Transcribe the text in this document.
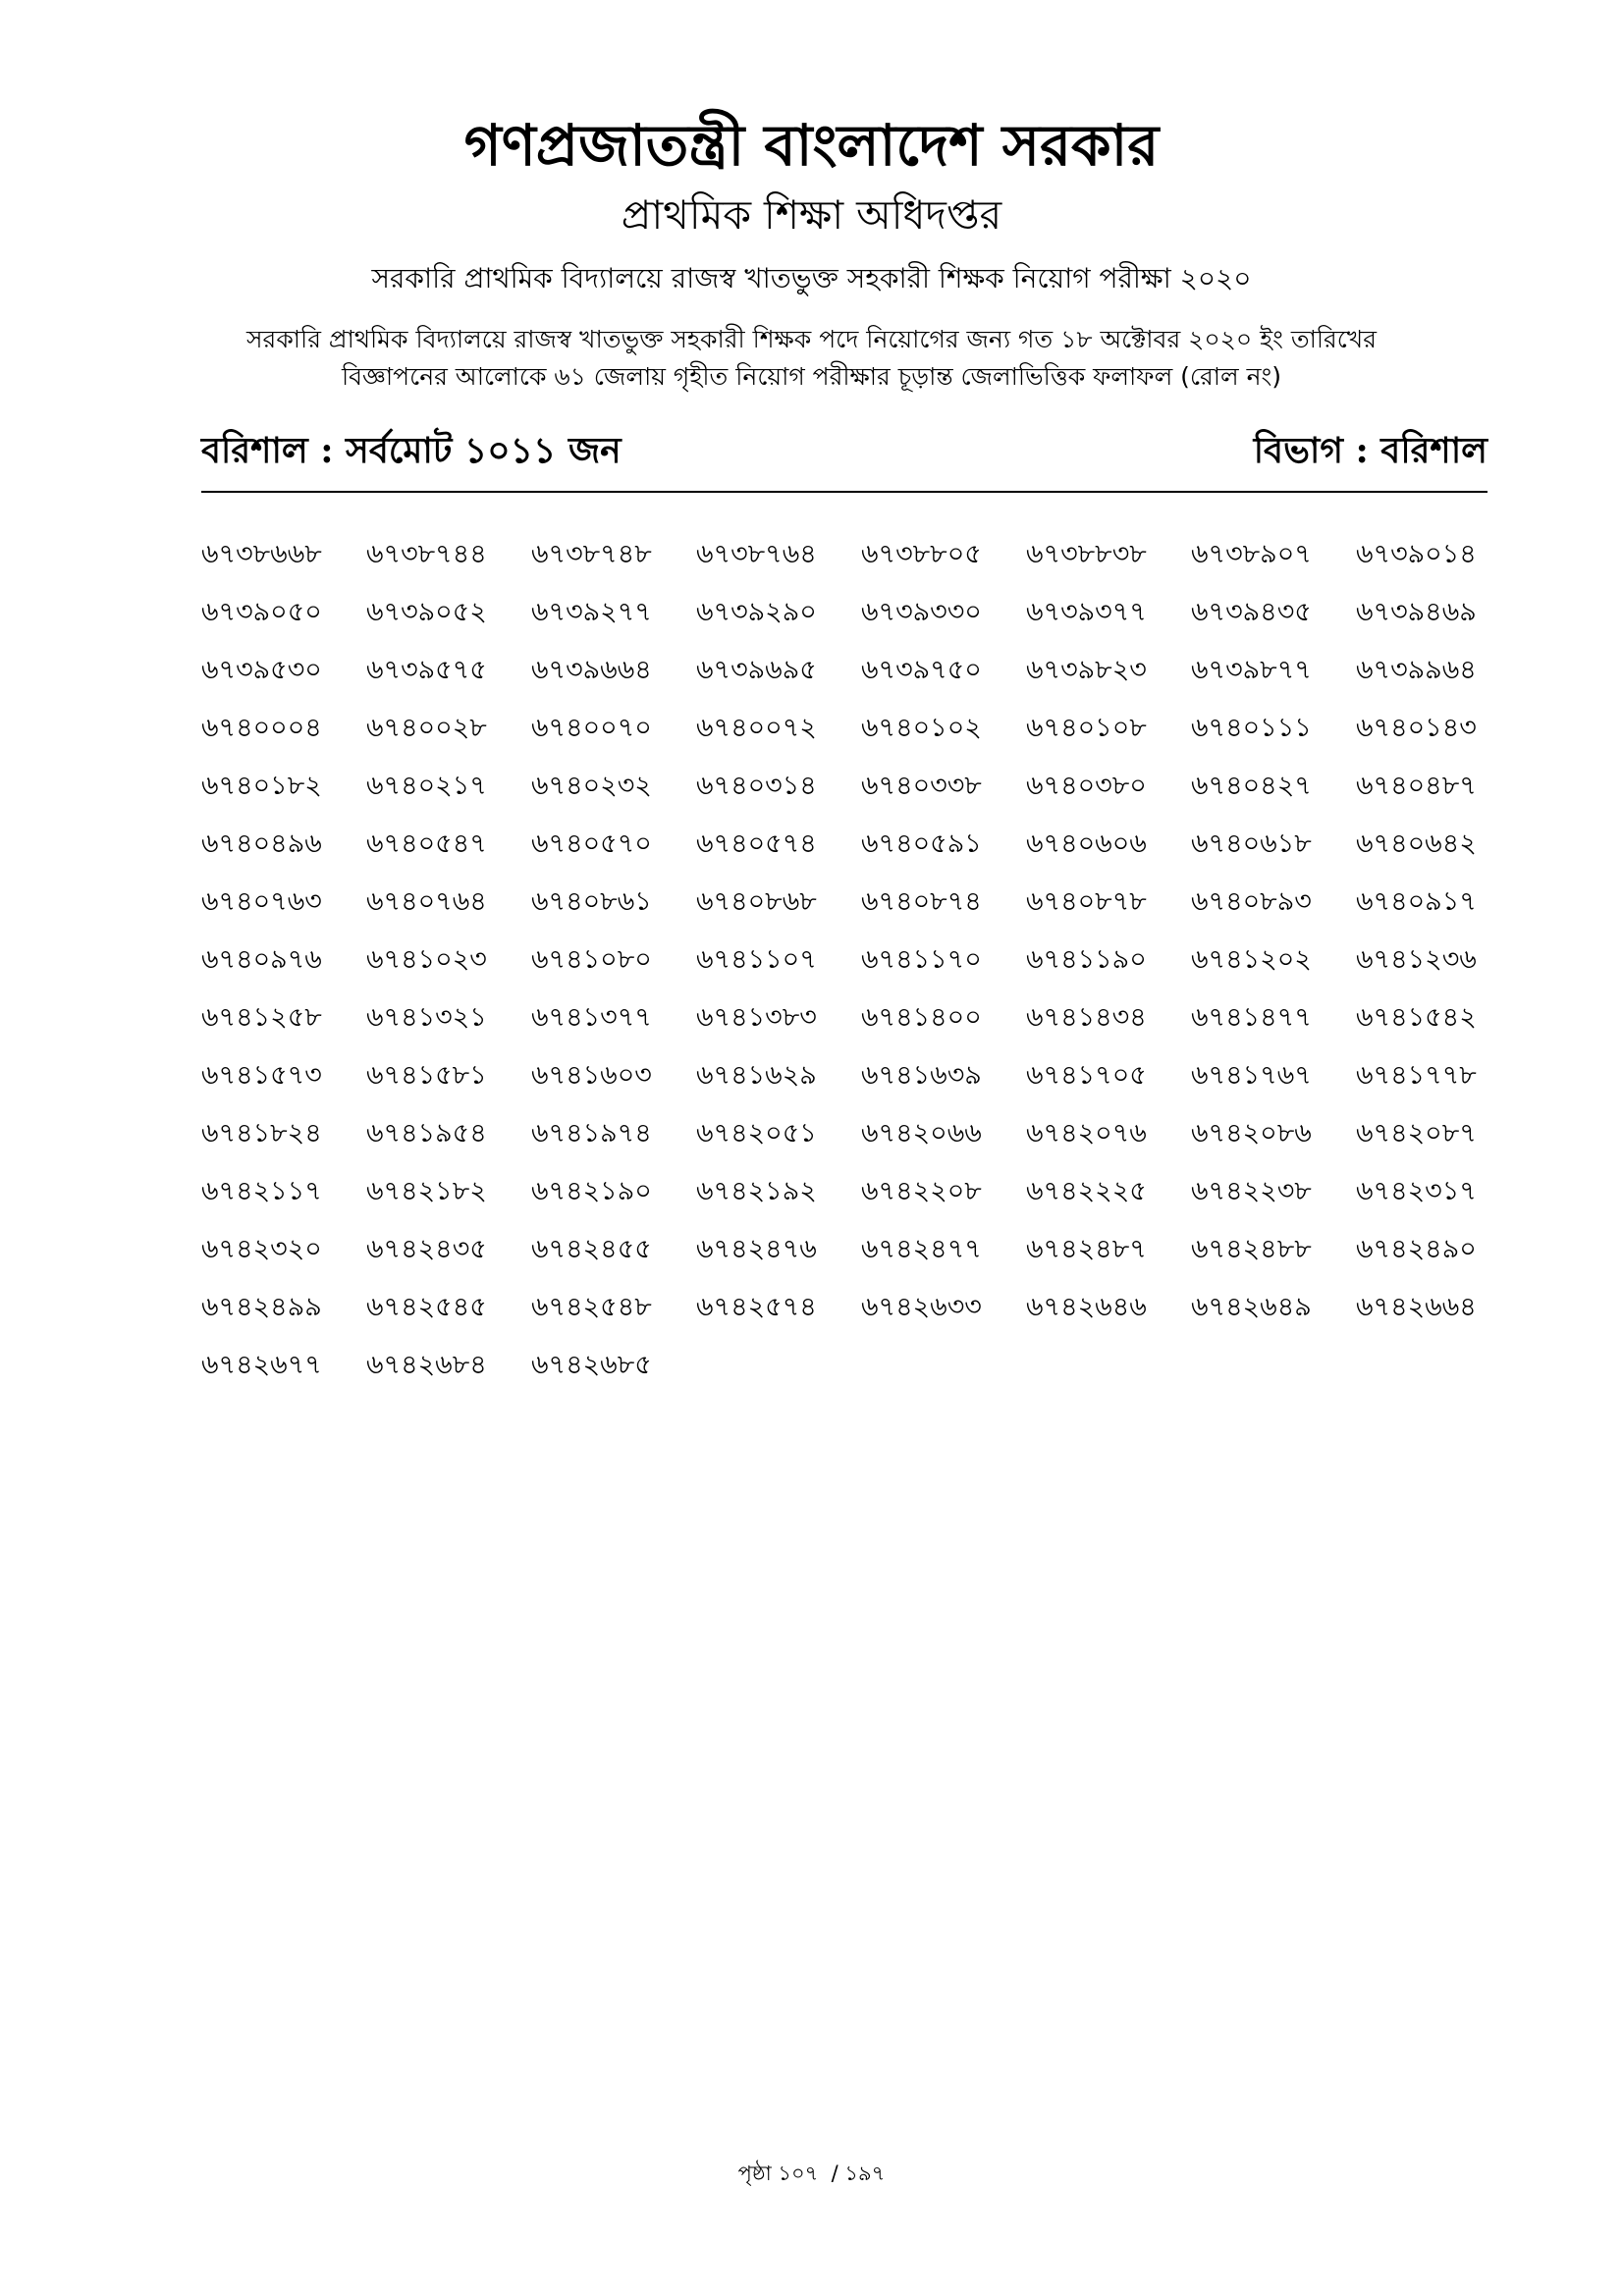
গণপ্রজাতন্ত্রী বাংলাদেশ সরকার
প্রাথমিক শিক্ষা অধিদপ্তর
সরকারি প্রাথমিক বিদ্যালয়ে রাজস্ব খাতভুক্ত সহকারী শিক্ষক নিয়োগ পরীক্ষা ২০২০
সরকারি প্রাথমিক বিদ্যালয়ে রাজস্ব খাতভুক্ত সহকারী শিক্ষক পদে নিয়োগের জন্য গত ১৮ অক্টোবর ২০২০ ইং তারিখের
বিজ্ঞাপনের আলোকে ৬১ জেলায় গৃহীত নিয়োগ পরীক্ষার চূড়ান্ত জেলাভিত্তিক ফলাফল (রোল নং)
বরিশাল : সর্বমোট ১০১১ জন	বিভাগ : বরিশাল
৬৭৩৮৬৬৮	৬৭৩৮৭৪৪	৬৭৩৮৭৪৮	৬৭৩৮৭৬৪	৬৭৩৮৮০৫	৬৭৩৮৮৩৮	৬৭৩৮৯০৭	৬৭৩৯০১৪
৬৭৩৯০৫০	৬৭৩৯০৫২	৬৭৩৯২৭৭	৬৭৩৯২৯০	৬৭৩৯৩৩০	৬৭৩৯৩৭৭	৬৭৩৯৪৩৫	৬৭৩৯৪৬৯
৬৭৩৯৫৩০	৬৭৩৯৫৭৫	৬৭৩৯৬৬৪	৬৭৩৯৬৯৫	৬৭৩৯৭৫০	৬৭৩৯৮২৩	৬৭৩৯৮৭৭	৬৭৩৯৯৬৪
৬৭৪০০০৪	৬৭৪০০২৮	৬৭৪০০৭০	৬৭৪০০৭২	৬৭৪০১০২	৬৭৪০১০৮	৬৭৪০১১১	৬৭৪০১৪৩
৬৭৪০১৮২	৬৭৪০২১৭	৬৭৪০২৩২	৬৭৪০৩১৪	৬৭৪০৩৩৮	৬৭৪০৩৮০	৬৭৪০৪২৭	৬৭৪০৪৮৭
৬৭৪০৪৯৬	৬৭৪০৫৪৭	৬৭৪০৫৭০	৬৭৪০৫৭৪	৬৭৪০৫৯১	৬৭৪০৬০৬	৬৭৪০৬১৮	৬৭৪০৬৪২
৬৭৪০৭৬৩	৬৭৪০৭৬৪	৬৭৪০৮৬১	৬৭৪০৮৬৮	৬৭৪০৮৭৪	৬৭৪০৮৭৮	৬৭৪০৮৯৩	৬৭৪০৯১৭
৬৭৪০৯৭৬	৬৭৪১০২৩	৬৭৪১০৮০	৬৭৪১১০৭	৬৭৪১১৭০	৬৭৪১১৯০	৬৭৪১২০২	৬৭৪১২৩৬
৬৭৪১২৫৮	৬৭৪১৩২১	৬৭৪১৩৭৭	৬৭৪১৩৮৩	৬৭৪১৪০০	৬৭৪১৪৩৪	৬৭৪১৪৭৭	৬৭৪১৫৪২
৬৭৪১৫৭৩	৬৭৪১৫৮১	৬৭৪১৬০৩	৬৭৪১৬২৯	৬৭৪১৬৩৯	৬৭৪১৭০৫	৬৭৪১৭৬৭	৬৭৪১৭৭৮
৬৭৪১৮২৪	৬৭৪১৯৫৪	৬৭৪১৯৭৪	৬৭৪২০৫১	৬৭৪২০৬৬	৬৭৪২০৭৬	৬৭৪২০৮৬	৬৭৪২০৮৭
৬৭৪২১১৭	৬৭৪২১৮২	৬৭৪২১৯০	৬৭৪২১৯২	৬৭৪২২০৮	৬৭৪২২২৫	৬৭৪২২৩৮	৬৭৪২৩১৭
৬৭৪২৩২০	৬৭৪২৪৩৫	৬৭৪২৪৫৫	৬৭৪২৪৭৬	৬৭৪২৪৭৭	৬৭৪২৪৮৭	৬৭৪২৪৮৮	৬৭৪২৪৯০
৬৭৪২৪৯৯	৬৭৪২৫৪৫	৬৭৪২৫৪৮	৬৭৪২৫৭৪	৬৭৪২৬৩৩	৬৭৪২৬৪৬	৬৭৪২৬৪৯	৬৭৪২৬৬৪
৬৭৪২৬৭৭	৬৭৪২৬৮৪	৬৭৪২৬৮৫
পৃষ্ঠা ১০৭  / ১৯৭
